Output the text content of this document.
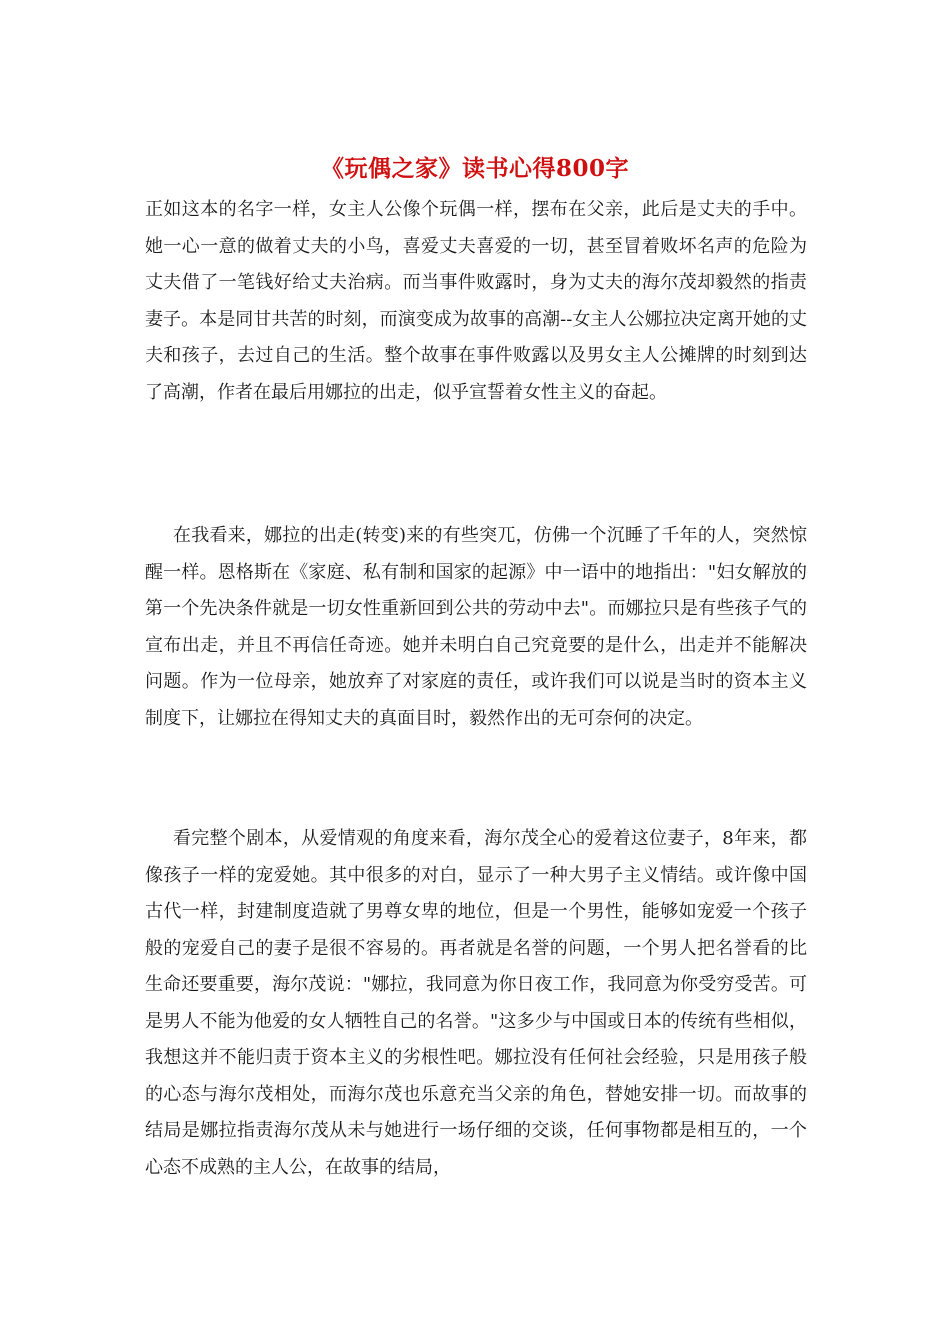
《玩偶之家》读书心得800字

正如这本的名字一样，女主人公像个玩偶一样，摆布在父亲，此后是丈夫的手中。她一心一意的做着丈夫的小鸟，喜爱丈夫喜爱的一切，甚至冒着败坏名声的危险为丈夫借了一笔钱好给丈夫治病。而当事件败露时，身为丈夫的海尔茂却毅然的指责妻子。本是同甘共苦的时刻，而演变成为故事的高潮--女主人公娜拉决定离开她的丈夫和孩子，去过自己的生活。整个故事在事件败露以及男女主人公摊牌的时刻到达了高潮，作者在最后用娜拉的出走，似乎宣誓着女性主义的奋起。

在我看来，娜拉的出走(转变)来的有些突兀，仿佛一个沉睡了千年的人，突然惊醒一样。恩格斯在《家庭、私有制和国家的起源》中一语中的地指出："妇女解放的第一个先决条件就是一切女性重新回到公共的劳动中去"。而娜拉只是有些孩子气的宣布出走，并且不再信任奇迹。她并未明白自己究竟要的是什么，出走并不能解决问题。作为一位母亲，她放弃了对家庭的责任，或许我们可以说是当时的资本主义制度下，让娜拉在得知丈夫的真面目时，毅然作出的无可奈何的决定。

看完整个剧本，从爱情观的角度来看，海尔茂全心的爱着这位妻子，8年来，都像孩子一样的宠爱她。其中很多的对白，显示了一种大男子主义情结。或许像中国古代一样，封建制度造就了男尊女卑的地位，但是一个男性，能够如宠爱一个孩子般的宠爱自己的妻子是很不容易的。再者就是名誉的问题，一个男人把名誉看的比生命还要重要，海尔茂说："娜拉，我同意为你日夜工作，我同意为你受穷受苦。可是男人不能为他爱的女人牺牲自己的名誉。"这多少与中国或日本的传统有些相似，我想这并不能归责于资本主义的劣根性吧。娜拉没有任何社会经验，只是用孩子般的心态与海尔茂相处，而海尔茂也乐意充当父亲的角色，替她安排一切。而故事的结局是娜拉指责海尔茂从未与她进行一场仔细的交谈，任何事物都是相互的，一个心态不成熟的主人公，在故事的结局，
